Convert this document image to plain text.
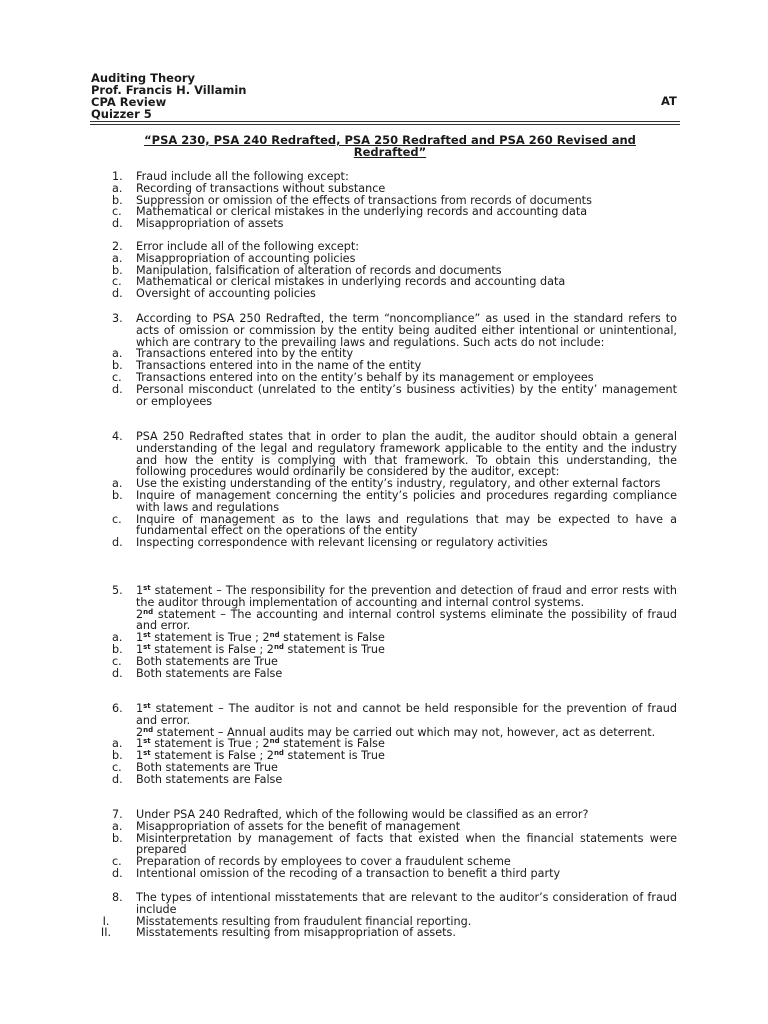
Auditing Theory
Prof. Francis H. Villamin
CPA Review	AT
Quizzer 5
“PSA 230, PSA 240 Redrafted, PSA 250 Redrafted and PSA 260 Revised and
Redrafted”
1.	Fraud include all the following except:
a.	Recording of transactions without substance
b.	Suppression or omission of the effects of transactions from records of documents
c.	Mathematical or clerical mistakes in the underlying records and accounting data
d.	Misappropriation of assets
2.	Error include all of the following except:
a.	Misappropriation of accounting policies
b.	Manipulation, falsification of alteration of records and documents
c.	Mathematical or clerical mistakes in underlying records and accounting data
d.	Oversight of accounting policies
3.	According to PSA 250 Redrafted, the term “noncompliance” as used in the standard refers to acts of omission or commission by the entity being audited either intentional or unintentional, which are contrary to the prevailing laws and regulations. Such acts do not include:
a.	Transactions entered into by the entity
b.	Transactions entered into in the name of the entity
c.	Transactions entered into on the entity’s behalf by its management or employees
d.	Personal misconduct (unrelated to the entity’s business activities) by the entity’ management or employees
4.	PSA 250 Redrafted states that in order to plan the audit, the auditor should obtain a general understanding of the legal and regulatory framework applicable to the entity and the industry and how the entity is complying with that framework. To obtain this understanding, the following procedures would ordinarily be considered by the auditor, except:
a.	Use the existing understanding of the entity’s industry, regulatory, and other external factors
b.	Inquire of management concerning the entity’s policies and procedures regarding compliance with laws and regulations
c.	Inquire of management as to the laws and regulations that may be expected to have a fundamental effect on the operations of the entity
d.	Inspecting correspondence with relevant licensing or regulatory activities
5.	1st statement – The responsibility for the prevention and detection of fraud and error rests with the auditor through implementation of accounting and internal control systems.
2nd statement – The accounting and internal control systems eliminate the possibility of fraud and error.
a.	1st statement is True ; 2nd statement is False
b.	1st statement is False ; 2nd statement is True
c.	Both statements are True
d.	Both statements are False
6.	1st statement – The auditor is not and cannot be held responsible for the prevention of fraud and error.
2nd statement – Annual audits may be carried out which may not, however, act as deterrent.
a.	1st statement is True ; 2nd statement is False
b.	1st statement is False ; 2nd statement is True
c.	Both statements are True
d.	Both statements are False
7.	Under PSA 240 Redrafted, which of the following would be classified as an error?
a.	Misappropriation of assets for the benefit of management
b.	Misinterpretation by management of facts that existed when the financial statements were prepared
c.	Preparation of records by employees to cover a fraudulent scheme
d.	Intentional omission of the recoding of a transaction to benefit a third party
8.	The types of intentional misstatements that are relevant to the auditor’s consideration of fraud include
I.	Misstatements resulting from fraudulent financial reporting.
II.	Misstatements resulting from misappropriation of assets.
